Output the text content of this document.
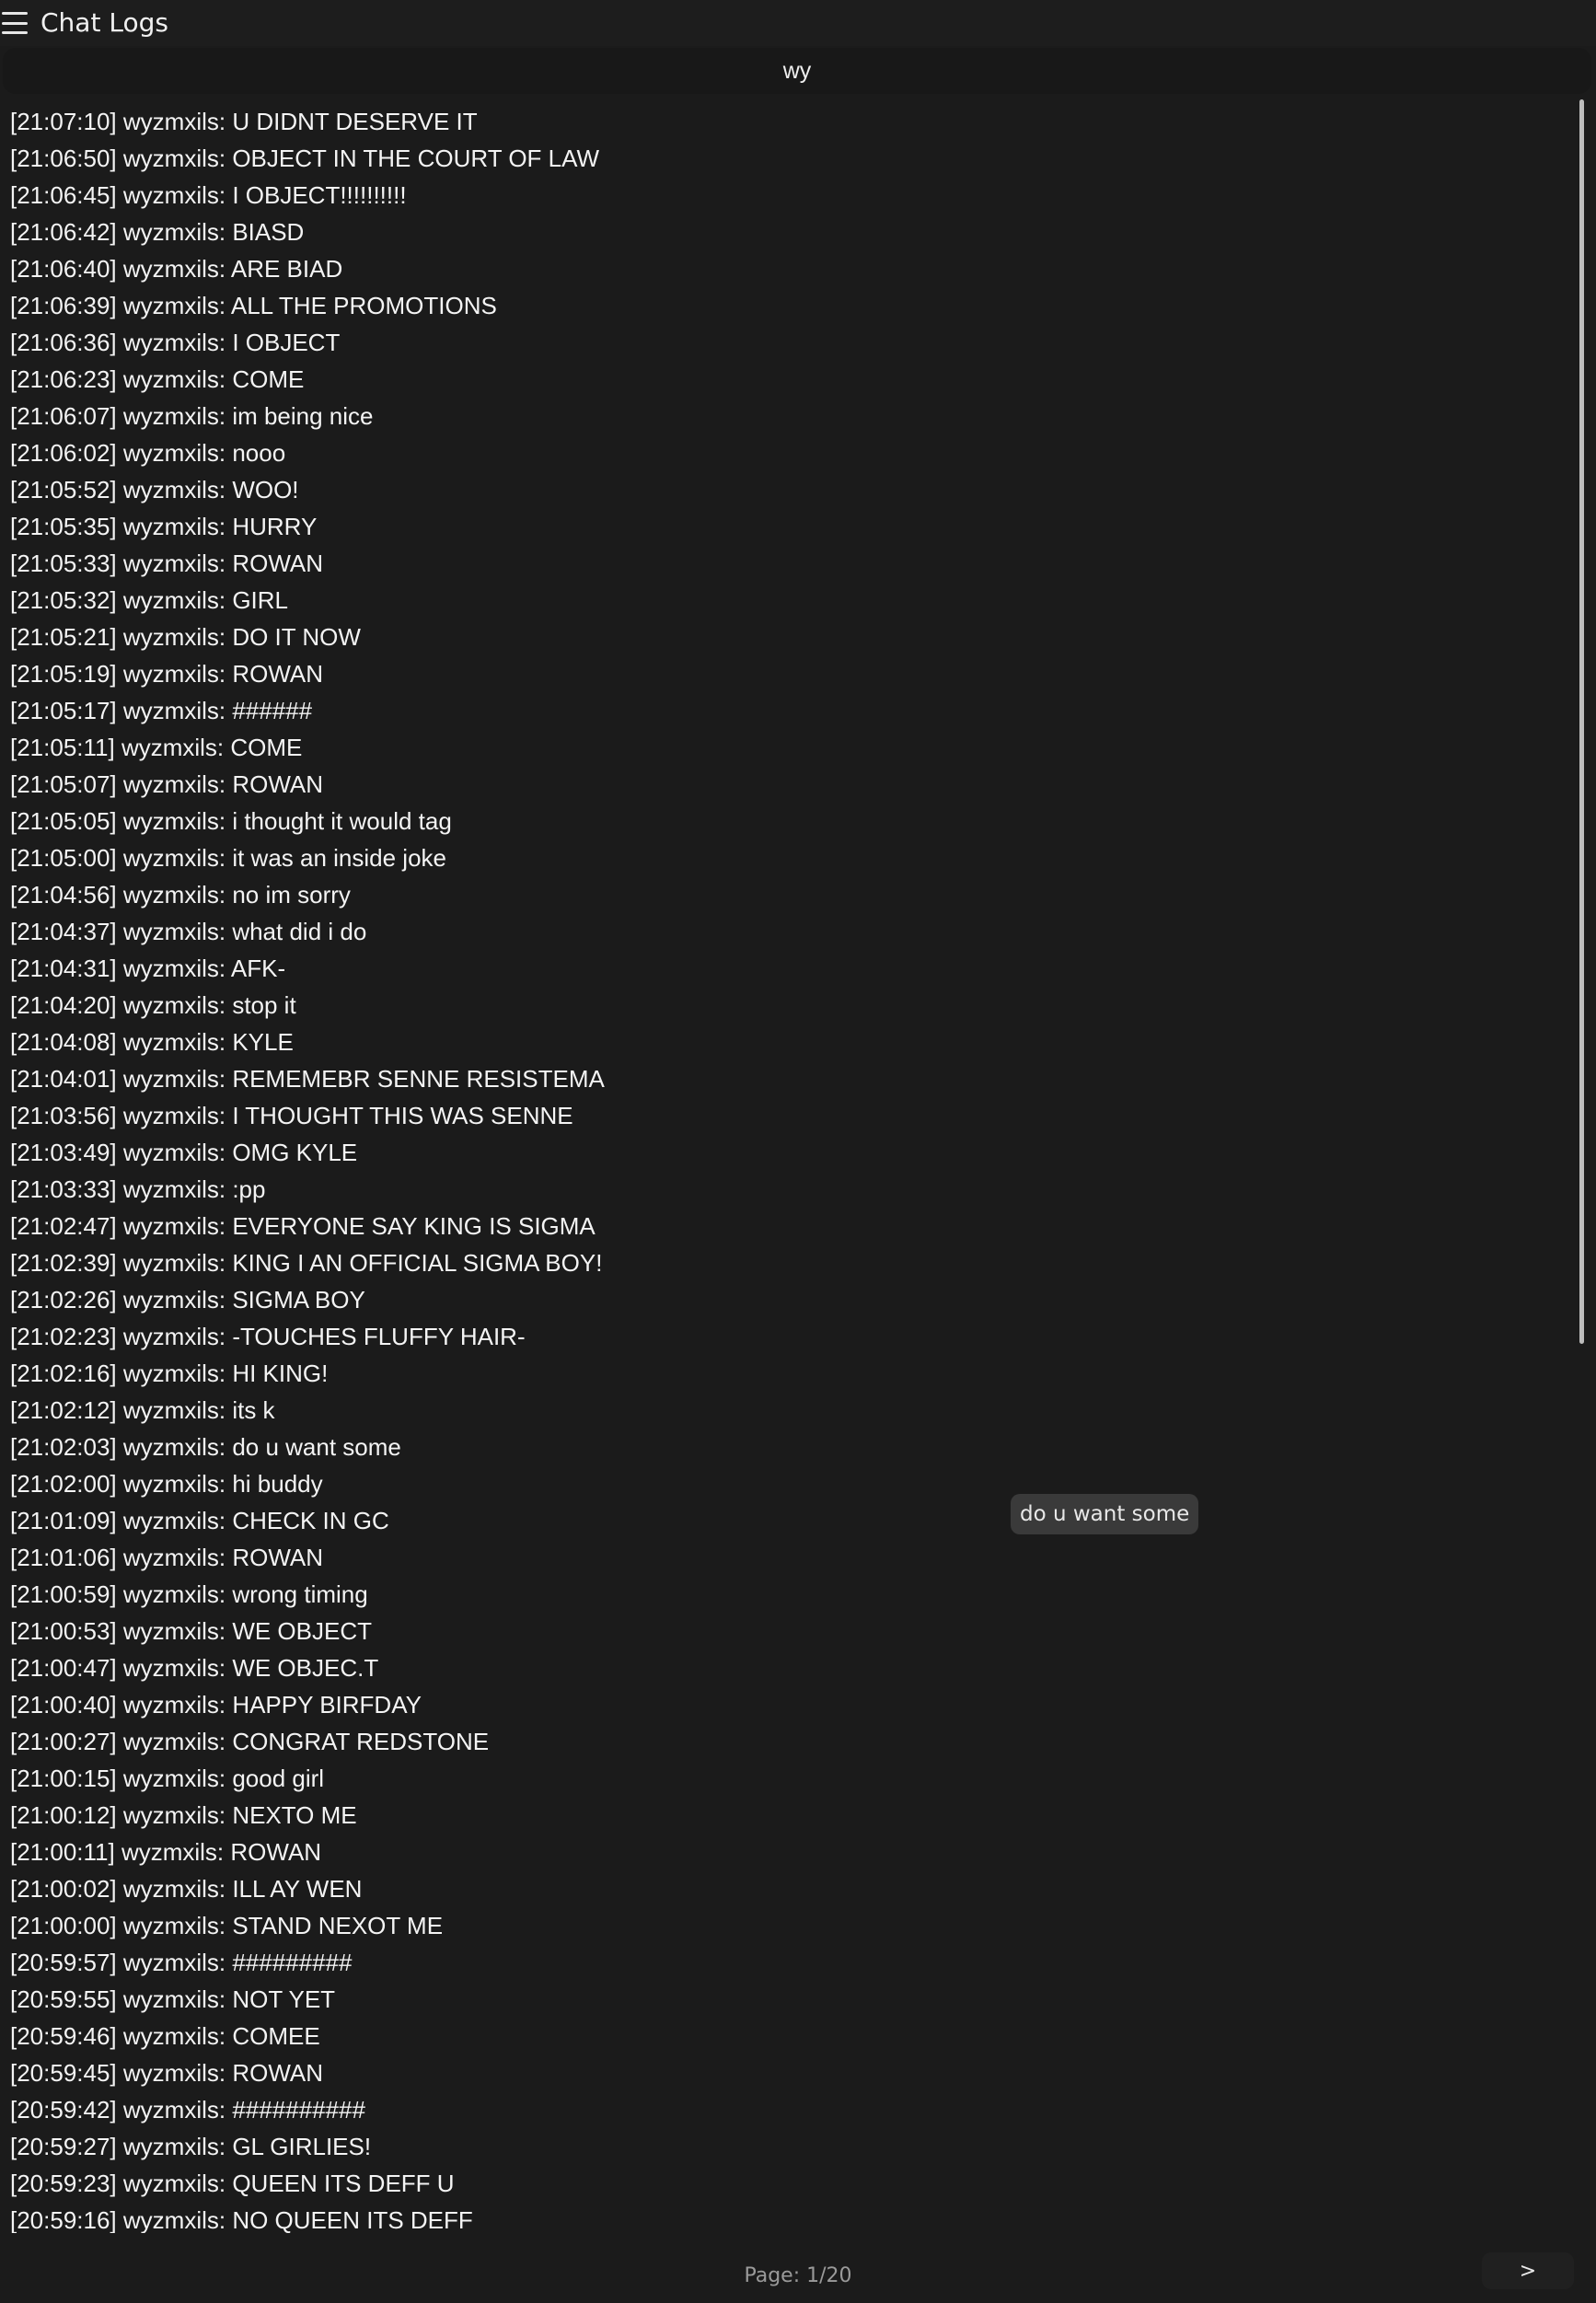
Chat Logs
wy
[21:07:10] wyzmxils: U DIDNT DESERVE IT
[21:06:50] wyzmxils: OBJECT IN THE COURT OF LAW
[21:06:45] wyzmxils: I OBJECT!!!!!!!!!!
[21:06:42] wyzmxils: BIASD
[21:06:40] wyzmxils: ARE BIAD
[21:06:39] wyzmxils: ALL THE PROMOTIONS
[21:06:36] wyzmxils: I OBJECT
[21:06:23] wyzmxils: COME
[21:06:07] wyzmxils: im being nice
[21:06:02] wyzmxils: nooo
[21:05:52] wyzmxils: WOO!
[21:05:35] wyzmxils: HURRY
[21:05:33] wyzmxils: ROWAN
[21:05:32] wyzmxils: GIRL
[21:05:21] wyzmxils: DO IT NOW
[21:05:19] wyzmxils: ROWAN
[21:05:17] wyzmxils: ######
[21:05:11] wyzmxils: COME
[21:05:07] wyzmxils: ROWAN
[21:05:05] wyzmxils: i thought it would tag
[21:05:00] wyzmxils: it was an inside joke
[21:04:56] wyzmxils: no im sorry
[21:04:37] wyzmxils: what did i do
[21:04:31] wyzmxils: AFK-
[21:04:20] wyzmxils: stop it
[21:04:08] wyzmxils: KYLE
[21:04:01] wyzmxils: REMEMEBR SENNE RESISTEMA
[21:03:56] wyzmxils: I THOUGHT THIS WAS SENNE
[21:03:49] wyzmxils: OMG KYLE
[21:03:33] wyzmxils: :pp
[21:02:47] wyzmxils: EVERYONE SAY KING IS SIGMA
[21:02:39] wyzmxils: KING I AN OFFICIAL SIGMA BOY!
[21:02:26] wyzmxils: SIGMA BOY
[21:02:23] wyzmxils: -TOUCHES FLUFFY HAIR-
[21:02:16] wyzmxils: HI KING!
[21:02:12] wyzmxils: its k
[21:02:03] wyzmxils: do u want some
[21:02:00] wyzmxils: hi buddy
[21:01:09] wyzmxils: CHECK IN GC
[21:01:06] wyzmxils: ROWAN
[21:00:59] wyzmxils: wrong timing
[21:00:53] wyzmxils: WE OBJECT
[21:00:47] wyzmxils: WE OBJEC.T
[21:00:40] wyzmxils: HAPPY BIRFDAY
[21:00:27] wyzmxils: CONGRAT REDSTONE
[21:00:15] wyzmxils: good girl
[21:00:12] wyzmxils: NEXTO ME
[21:00:11] wyzmxils: ROWAN
[21:00:02] wyzmxils: ILL AY WEN
[21:00:00] wyzmxils: STAND NEXOT ME
[20:59:57] wyzmxils: #########
[20:59:55] wyzmxils: NOT YET
[20:59:46] wyzmxils: COMEE
[20:59:45] wyzmxils: ROWAN
[20:59:42] wyzmxils: ##########
[20:59:27] wyzmxils: GL GIRLIES!
[20:59:23] wyzmxils: QUEEN ITS DEFF U
[20:59:16] wyzmxils: NO QUEEN ITS DEFF
do u want some
Page: 1/20	>
